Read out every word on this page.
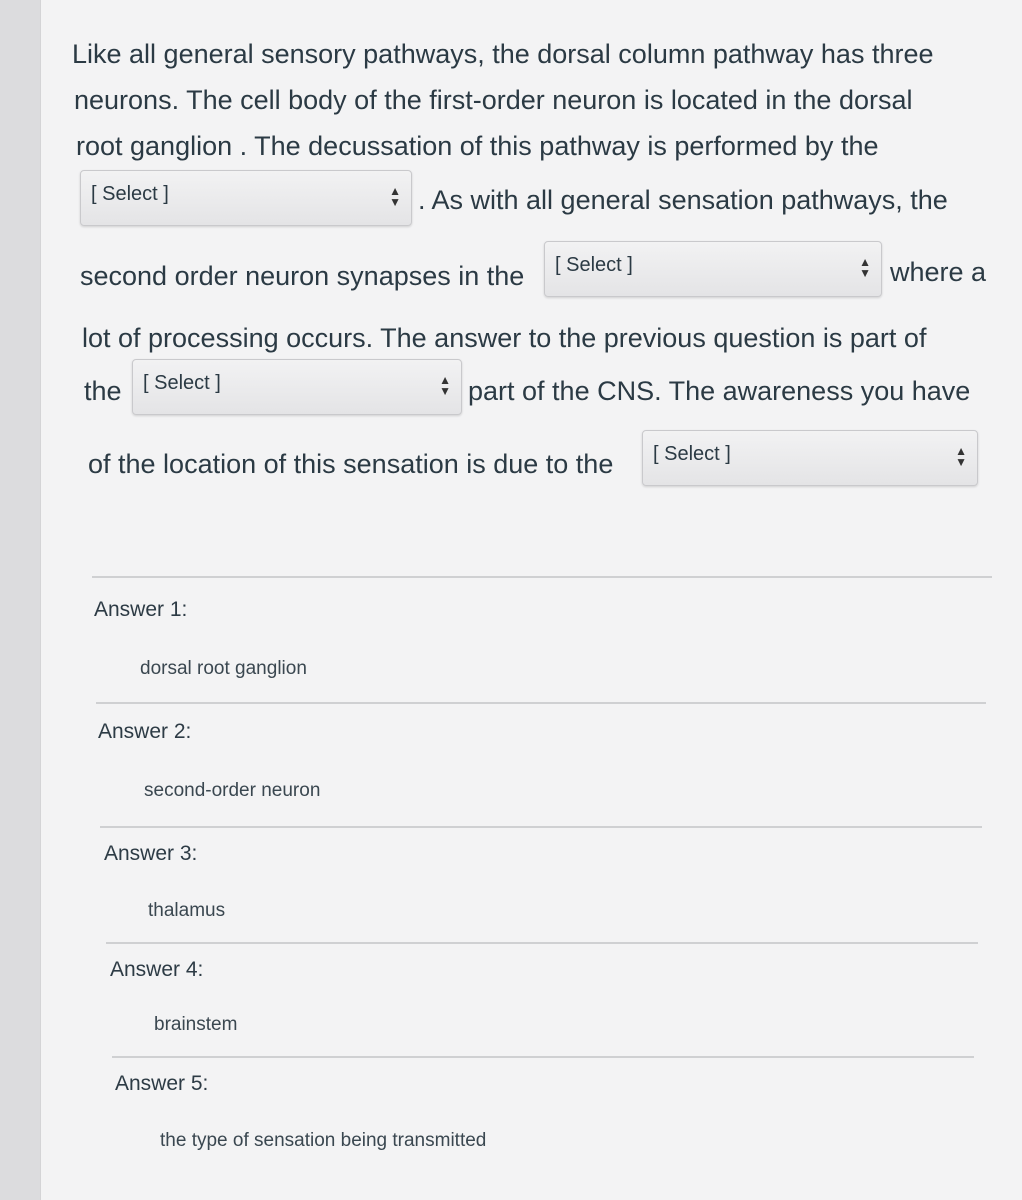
Like all general sensory pathways, the dorsal column pathway has three
neurons. The cell body of the first-order neuron is located in the dorsal
root ganglion . The decussation of this pathway is performed by the
[ Select ]	▲
▼ . As with all general sensation pathways, the
second order neuron synapses in the [ Select ]	▲
▼ where a
lot of processing occurs. The answer to the previous question is part of
the [ Select ]	▲
▼ part of the CNS. The awareness you have
of the location of this sensation is due to the [ Select ]	▲
▼
Answer 1:
dorsal root ganglion
Answer 2:
second-order neuron
Answer 3:
thalamus
Answer 4:
brainstem
Answer 5:
the type of sensation being transmitted
